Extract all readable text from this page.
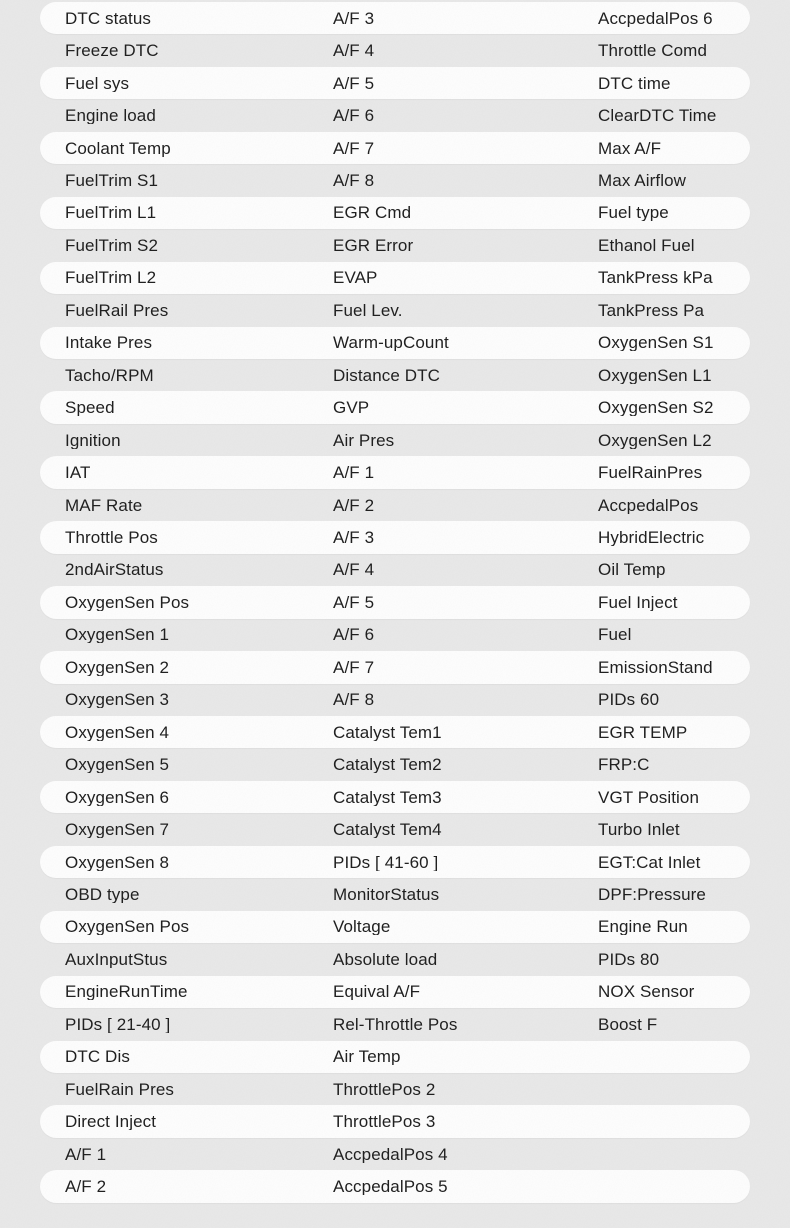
DTC status	A/F 3	AccpedalPos 6
Freeze DTC	A/F 4	Throttle Comd
Fuel sys	A/F 5	DTC time
Engine load	A/F 6	ClearDTC Time
Coolant Temp	A/F 7	Max A/F
FuelTrim S1	A/F 8	Max Airflow
FuelTrim L1	EGR Cmd	Fuel type
FuelTrim S2	EGR Error	Ethanol Fuel
FuelTrim L2	EVAP	TankPress kPa
FuelRail Pres	Fuel Lev.	TankPress Pa
Intake Pres	Warm-upCount	OxygenSen S1
Tacho/RPM	Distance DTC	OxygenSen L1
Speed	GVP	OxygenSen S2
Ignition	Air Pres	OxygenSen L2
IAT	A/F 1	FuelRainPres
MAF Rate	A/F 2	AccpedalPos
Throttle Pos	A/F 3	HybridElectric
2ndAirStatus	A/F 4	Oil Temp
OxygenSen Pos	A/F 5	Fuel Inject
OxygenSen 1	A/F 6	Fuel
OxygenSen 2	A/F 7	EmissionStand
OxygenSen 3	A/F 8	PIDs 60
OxygenSen 4	Catalyst Tem1	EGR TEMP
OxygenSen 5	Catalyst Tem2	FRP:C
OxygenSen 6	Catalyst Tem3	VGT Position
OxygenSen 7	Catalyst Tem4	Turbo Inlet
OxygenSen 8	PIDs [ 41-60 ]	EGT:Cat Inlet
OBD type	MonitorStatus	DPF:Pressure
OxygenSen Pos	Voltage	Engine Run
AuxInputStus	Absolute load	PIDs 80
EngineRunTime	Equival A/F	NOX Sensor
PIDs [ 21-40 ]	Rel-Throttle Pos	Boost F
DTC Dis	Air Temp
FuelRain Pres	ThrottlePos 2
Direct Inject	ThrottlePos 3
A/F 1	AccpedalPos 4
A/F 2	AccpedalPos 5
